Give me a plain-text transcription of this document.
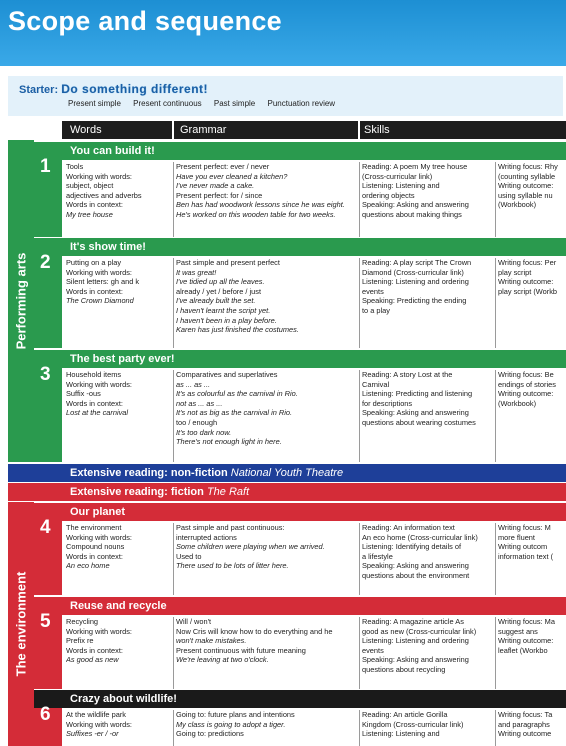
Scope and sequence
Starter: Do something different!
Present simple Present continuous Past simple Punctuation review
Words	Grammar	Skills
Performing arts
The environment
1
You can build it!
Tools
Working with words:
subject, object
adjectives and adverbs
Words in context:
My tree house
Present perfect: ever / never
Have you ever cleaned a kitchen?
I've never made a cake.
Present perfect: for / since
Ben has had woodwork lessons since he was eight.
He's worked on this wooden table for two weeks.
Reading: A poem My tree house
(Cross-curricular link)
Listening: Listening and
ordering objects
Speaking: Asking and answering
questions about making things
Writing focus: Rhy
(counting syllable
Writing outcome:
using syllable nu
(Workbook)
2
It's show time!
Putting on a play
Working with words:
Silent letters: gh and k
Words in context:
The Crown Diamond
Past simple and present perfect
It was great!
I've tidied up all the leaves.
already / yet / before / just
I've already built the set.
I haven't learnt the script yet.
I haven't been in a play before.
Karen has just finished the costumes.
Reading: A play script The Crown
Diamond (Cross-curricular link)
Listening: Listening and ordering
events
Speaking: Predicting the ending
to a play
Writing focus: Per
play script
Writing outcome:
play script (Workb
3
The best party ever!
Household items
Working with words:
Suffix -ous
Words in context:
Lost at the carnival
Comparatives and superlatives
as ... as ...
It's as colourful as the carnival in Rio.
not as ... as ...
It's not as big as the carnival in Rio.
too / enough
It's too dark now.
There's not enough light in here.
Reading: A story Lost at the
Carnival
Listening: Predicting and listening
for descriptions
Speaking: Asking and answering
questions about wearing costumes
Writing focus: Be
endings of stories
Writing outcome:
(Workbook)
4
Our planet
The environment
Working with words:
Compound nouns
Words in context:
An eco home
Past simple and past continuous:
interrupted actions
Some children were playing when we arrived.
Used to
There used to be lots of litter here.
Reading: An information text
An eco home (Cross-curricular link)
Listening: Identifying details of
a lifestyle
Speaking: Asking and answering
questions about the environment
Writing focus: M
more fluent
Writing outcom
information text (
5
Reuse and recycle
Recycling
Working with words:
Prefix re
Words in context:
As good as new
Will / won't
Now Cris will know how to do everything and he
won't make mistakes.
Present continuous with future meaning
We're leaving at two o'clock.
Reading: A magazine article As
good as new (Cross-curricular link)
Listening: Listening and ordering
events
Speaking: Asking and answering
questions about recycling
Writing focus: Ma
suggest ans
Writing outcome:
leaflet (Workbo
6
Crazy about wildlife!
At the wildlife park
Working with words:
Suffixes -er / -or
Going to: future plans and intentions
My class is going to adopt a tiger.
Going to: predictions
Reading: An article Gorilla
Kingdom (Cross-curricular link)
Listening: Listening and
Writing focus: Ta
and paragraphs
Writing outcome
Extensive reading: non-fiction National Youth Theatre
Extensive reading: fiction The Raft
